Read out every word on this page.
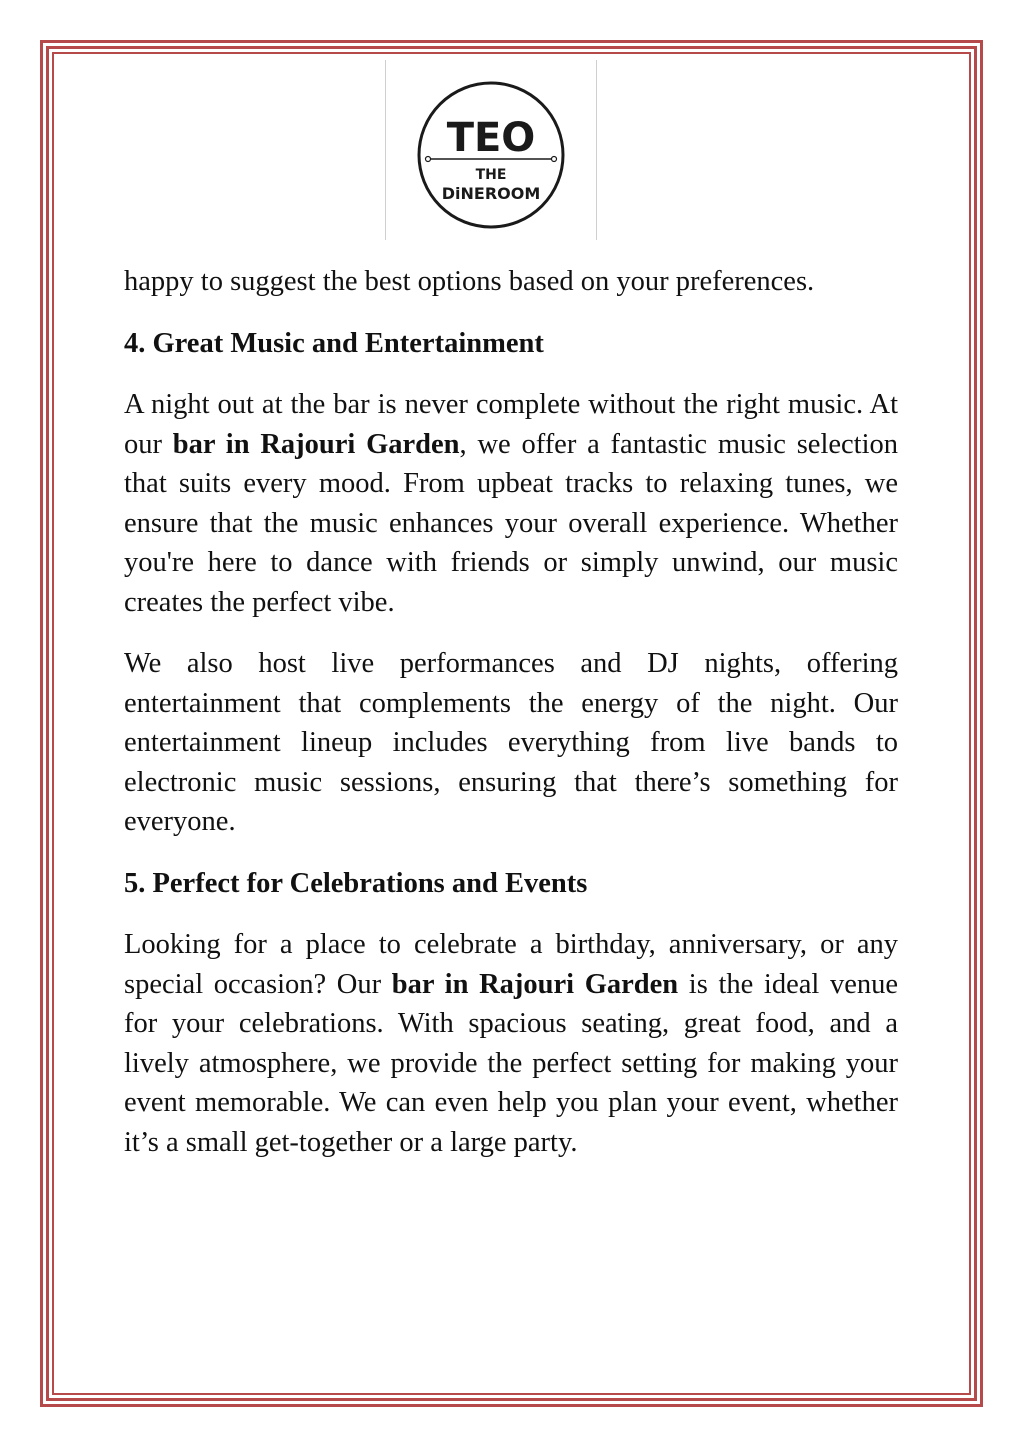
TEO
THE
DiNEROOM

happy to suggest the best options based on your preferences.

4. Great Music and Entertainment

A night out at the bar is never complete without the right music. At our bar in Rajouri Garden, we offer a fantastic music selection that suits every mood. From upbeat tracks to relaxing tunes, we ensure that the music enhances your overall experience. Whether you're here to dance with friends or simply unwind, our music creates the perfect vibe.

We also host live performances and DJ nights, offering entertainment that complements the energy of the night. Our entertainment lineup includes everything from live bands to electronic music sessions, ensuring that there’s something for everyone.

5. Perfect for Celebrations and Events

Looking for a place to celebrate a birthday, anniversary, or any special occasion? Our bar in Rajouri Garden is the ideal venue for your celebrations. With spacious seating, great food, and a lively atmosphere, we provide the perfect setting for making your event memorable. We can even help you plan your event, whether it’s a small get-together or a large party.
